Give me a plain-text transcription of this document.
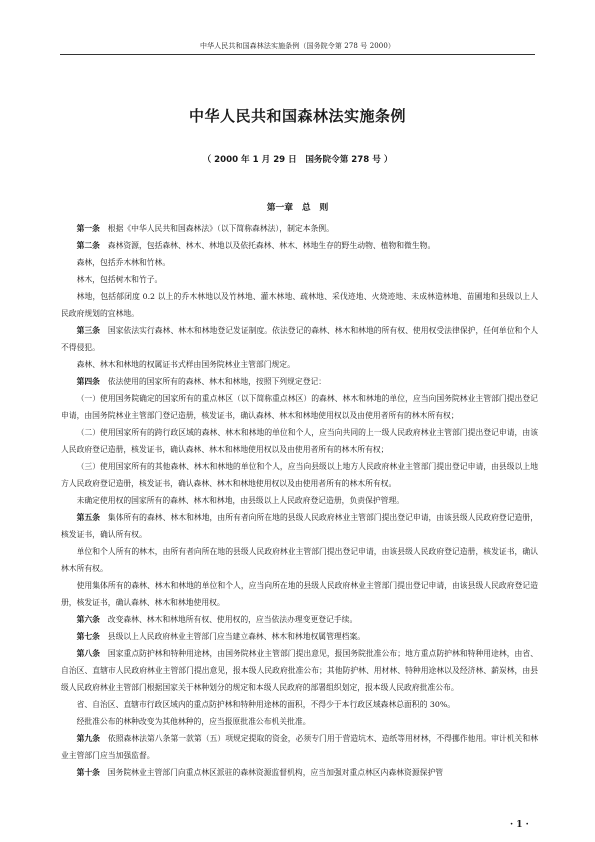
中华人民共和国森林法实施条例（国务院令第 278 号 2000）
中华人民共和国森林法实施条例
（ 2000 年 1 月 29 日　国务院令第 278 号 ）
第一章　总　则

第一条　根据《中华人民共和国森林法》（以下简称森林法），制定本条例。

第二条　森林资源，包括森林、林木、林地以及依托森林、林木、林地生存的野生动物、植物和微生物。

森林，包括乔木林和竹林。

林木，包括树木和竹子。

林地，包括郁闭度 0.2 以上的乔木林地以及竹林地、灌木林地、疏林地、采伐迹地、火烧迹地、未成林造林地、苗圃地和县级以上人民政府规划的宜林地。

第三条　国家依法实行森林、林木和林地登记发证制度。依法登记的森林、林木和林地的所有权、使用权受法律保护，任何单位和个人不得侵犯。

森林、林木和林地的权属证书式样由国务院林业主管部门规定。

第四条　依法使用的国家所有的森林、林木和林地，按照下列规定登记：

（一）使用国务院确定的国家所有的重点林区（以下简称重点林区）的森林、林木和林地的单位，应当向国务院林业主管部门提出登记申请，由国务院林业主管部门登记造册，核发证书，确认森林、林木和林地使用权以及由使用者所有的林木所有权；

（二）使用国家所有的跨行政区域的森林、林木和林地的单位和个人，应当向共同的上一级人民政府林业主管部门提出登记申请，由该人民政府登记造册，核发证书，确认森林、林木和林地使用权以及由使用者所有的林木所有权；

（三）使用国家所有的其他森林、林木和林地的单位和个人，应当向县级以上地方人民政府林业主管部门提出登记申请，由县级以上地方人民政府登记造册，核发证书，确认森林、林木和林地使用权以及由使用者所有的林木所有权。

未确定使用权的国家所有的森林、林木和林地，由县级以上人民政府登记造册，负责保护管理。

第五条　集体所有的森林、林木和林地，由所有者向所在地的县级人民政府林业主管部门提出登记申请，由该县级人民政府登记造册，核发证书，确认所有权。

单位和个人所有的林木，由所有者向所在地的县级人民政府林业主管部门提出登记申请，由该县级人民政府登记造册，核发证书，确认林木所有权。

使用集体所有的森林、林木和林地的单位和个人，应当向所在地的县级人民政府林业主管部门提出登记申请，由该县级人民政府登记造册，核发证书，确认森林、林木和林地使用权。

第六条　改变森林、林木和林地所有权、使用权的，应当依法办理变更登记手续。

第七条　县级以上人民政府林业主管部门应当建立森林、林木和林地权属管理档案。

第八条　国家重点防护林和特种用途林，由国务院林业主管部门提出意见，报国务院批准公布；地方重点防护林和特种用途林，由省、自治区、直辖市人民政府林业主管部门提出意见，报本级人民政府批准公布；其他防护林、用材林、特种用途林以及经济林、薪炭林，由县级人民政府林业主管部门根据国家关于林种划分的规定和本级人民政府的部署组织划定，报本级人民政府批准公布。

省、自治区、直辖市行政区域内的重点防护林和特种用途林的面积，不得少于本行政区域森林总面积的 30%。

经批准公布的林种改变为其他林种的，应当报原批准公布机关批准。

第九条　依照森林法第八条第一款第（五）项规定提取的资金，必须专门用于营造坑木、造纸等用材林，不得挪作他用。审计机关和林业主管部门应当加强监督。

第十条　国务院林业主管部门向重点林区派驻的森林资源监督机构，应当加强对重点林区内森林资源保护管

· 1 ·
